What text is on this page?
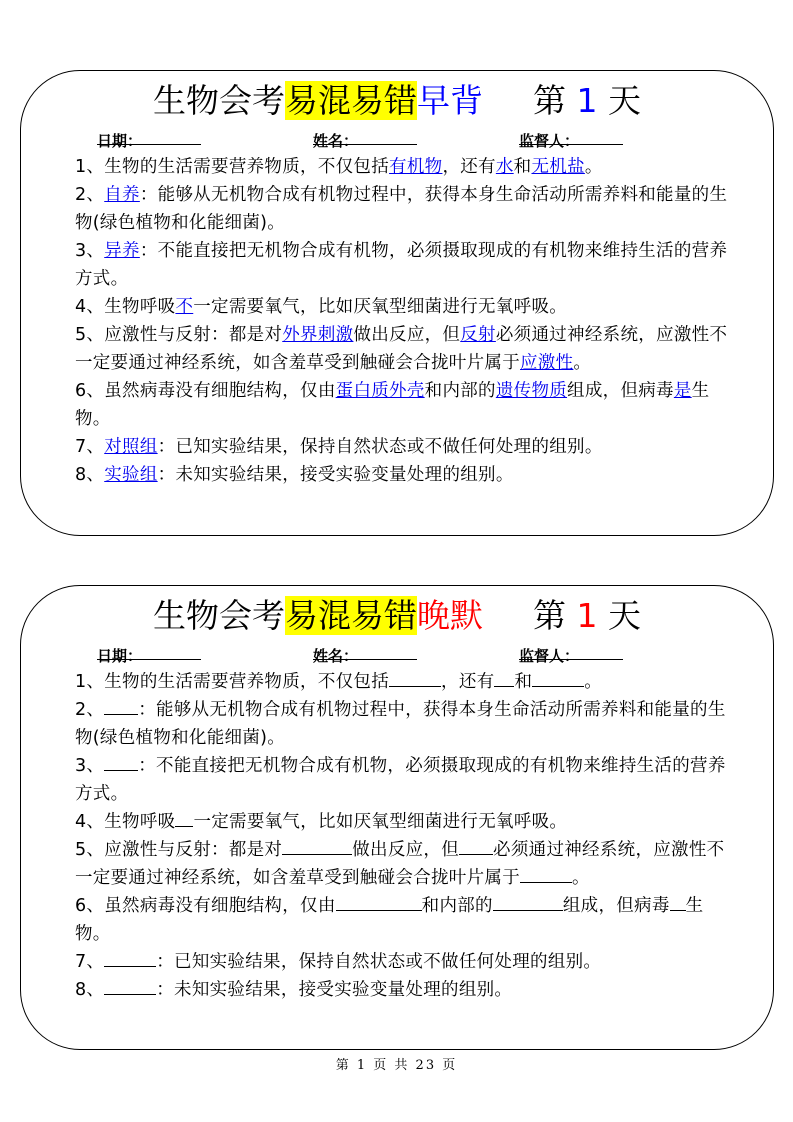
生物会考易混易错早背 第 1 天
日期：	姓名：	监督人：

1、生物的生活需要营养物质，不仅包括有机物，还有水和无机盐。

2、自养：能够从无机物合成有机物过程中，获得本身生命活动所需养料和能量的生物(绿色植物和化能细菌)。

3、异养：不能直接把无机物合成有机物，必须摄取现成的有机物来维持生活的营养方式。

4、生物呼吸不一定需要氧气，比如厌氧型细菌进行无氧呼吸。

5、应激性与反射：都是对外界刺激做出反应，但反射必须通过神经系统，应激性不一定要通过神经系统，如含羞草受到触碰会合拢叶片属于应激性。

6、虽然病毒没有细胞结构，仅由蛋白质外壳和内部的遗传物质组成，但病毒是生物。

7、对照组：已知实验结果，保持自然状态或不做任何处理的组别。

8、实验组：未知实验结果，接受实验变量处理的组别。

生物会考易混易错晚默 第 1 天
日期：	姓名：	监督人：

1、生物的生活需要营养物质，不仅包括	，还有 和	。

2、 ：能够从无机物合成有机物过程中，获得本身生命活动所需养料和能量的生物(绿色植物和化能细菌)。

3、 ：不能直接把无机物合成有机物，必须摄取现成的有机物来维持生活的营养方式。

4、生物呼吸 一定需要氧气，比如厌氧型细菌进行无氧呼吸。

5、应激性与反射：都是对	做出反应，但 必须通过神经系统，应激性不一定要通过神经系统，如含羞草受到触碰会合拢叶片属于	。

6、虽然病毒没有细胞结构，仅由	和内部的	组成，但病毒 生物。

7、	：已知实验结果，保持自然状态或不做任何处理的组别。

8、	：未知实验结果，接受实验变量处理的组别。

第 1 页 共 23 页
